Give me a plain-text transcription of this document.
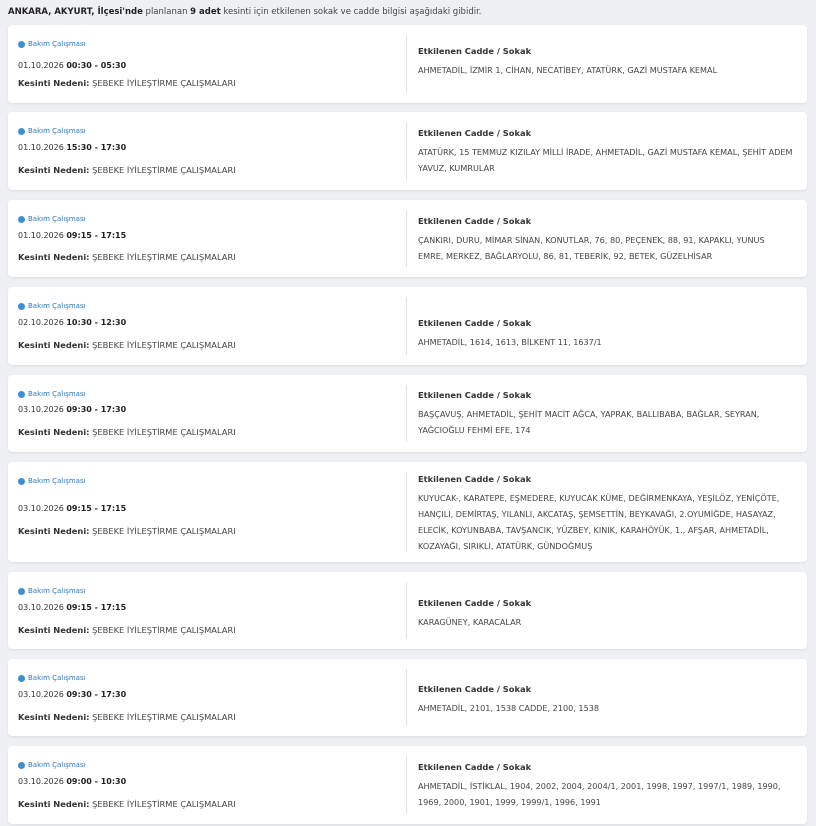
ANKARA, AKYURT, İlçesi'nde planlanan 9 adet kesinti için etkilenen sokak ve cadde bilgisi aşağıdaki gibidir.
Bakım Çalışması
01.10.2026 00:30 - 05:30
Kesinti Nedeni: ŞEBEKE İYİLEŞTİRME ÇALIŞMALARI
Etkilenen Cadde / Sokak
AHMETADİL, İZMİR 1, CİHAN, NECATİBEY, ATATÜRK, GAZİ MUSTAFA KEMAL
Bakım Çalışması
01.10.2026 15:30 - 17:30
Kesinti Nedeni: ŞEBEKE İYİLEŞTİRME ÇALIŞMALARI
Etkilenen Cadde / Sokak
ATATÜRK, 15 TEMMUZ KIZILAY MİLLİ İRADE, AHMETADİL, GAZİ MUSTAFA KEMAL, ŞEHİT ADEM YAVUZ, KUMRULAR
Bakım Çalışması
01.10.2026 09:15 - 17:15
Kesinti Nedeni: ŞEBEKE İYİLEŞTİRME ÇALIŞMALARI
Etkilenen Cadde / Sokak
ÇANKIRI, DURU, MİMAR SİNAN, KONUTLAR, 76, 80, PEÇENEK, 88, 91, KAPAKLI, YUNUS EMRE, MERKEZ, BAĞLARYOLU, 86, 81, TEBERİK, 92, BETEK, GÜZELHİSAR
Bakım Çalışması
02.10.2026 10:30 - 12:30
Kesinti Nedeni: ŞEBEKE İYİLEŞTİRME ÇALIŞMALARI
Etkilenen Cadde / Sokak
AHMETADİL, 1614, 1613, BİLKENT 11, 1637/1
Bakım Çalışması
03.10.2026 09:30 - 17:30
Kesinti Nedeni: ŞEBEKE İYİLEŞTİRME ÇALIŞMALARI
Etkilenen Cadde / Sokak
BAŞÇAVUŞ, AHMETADİL, ŞEHİT MACİT AĞCA, YAPRAK, BALLIBABA, BAĞLAR, SEYRAN, YAĞCIOĞLU FEHMİ EFE, 174
Bakım Çalışması
03.10.2026 09:15 - 17:15
Kesinti Nedeni: ŞEBEKE İYİLEŞTİRME ÇALIŞMALARI
Etkilenen Cadde / Sokak
KUYUCAK-, KARATEPE, EŞMEDERE, KUYUCAK KÜME, DEĞİRMENKAYA, YEŞİLÖZ, YENİÇÖTE, HANÇILI, DEMİRTAŞ, YILANLI, AKCATAŞ, ŞEMSETTİN, BEYKAVAĞI, 2.OYUMİĞDE, HASAYAZ, ELECİK, KOYUNBABA, TAVŞANCIK, YÜZBEY, KINIK, KARAHÖYÜK, 1., AFŞAR, AHMETADİL, KOZAYAĞI, SIRIKLI, ATATÜRK, GÜNDOĞMUŞ
Bakım Çalışması
03.10.2026 09:15 - 17:15
Kesinti Nedeni: ŞEBEKE İYİLEŞTİRME ÇALIŞMALARI
Etkilenen Cadde / Sokak
KARAGÜNEY, KARACALAR
Bakım Çalışması
03.10.2026 09:30 - 17:30
Kesinti Nedeni: ŞEBEKE İYİLEŞTİRME ÇALIŞMALARI
Etkilenen Cadde / Sokak
AHMETADİL, 2101, 1538 CADDE, 2100, 1538
Bakım Çalışması
03.10.2026 09:00 - 10:30
Kesinti Nedeni: ŞEBEKE İYİLEŞTİRME ÇALIŞMALARI
Etkilenen Cadde / Sokak
AHMETADİL, İSTİKLAL, 1904, 2002, 2004, 2004/1, 2001, 1998, 1997, 1997/1, 1989, 1990, 1969, 2000, 1901, 1999, 1999/1, 1996, 1991
